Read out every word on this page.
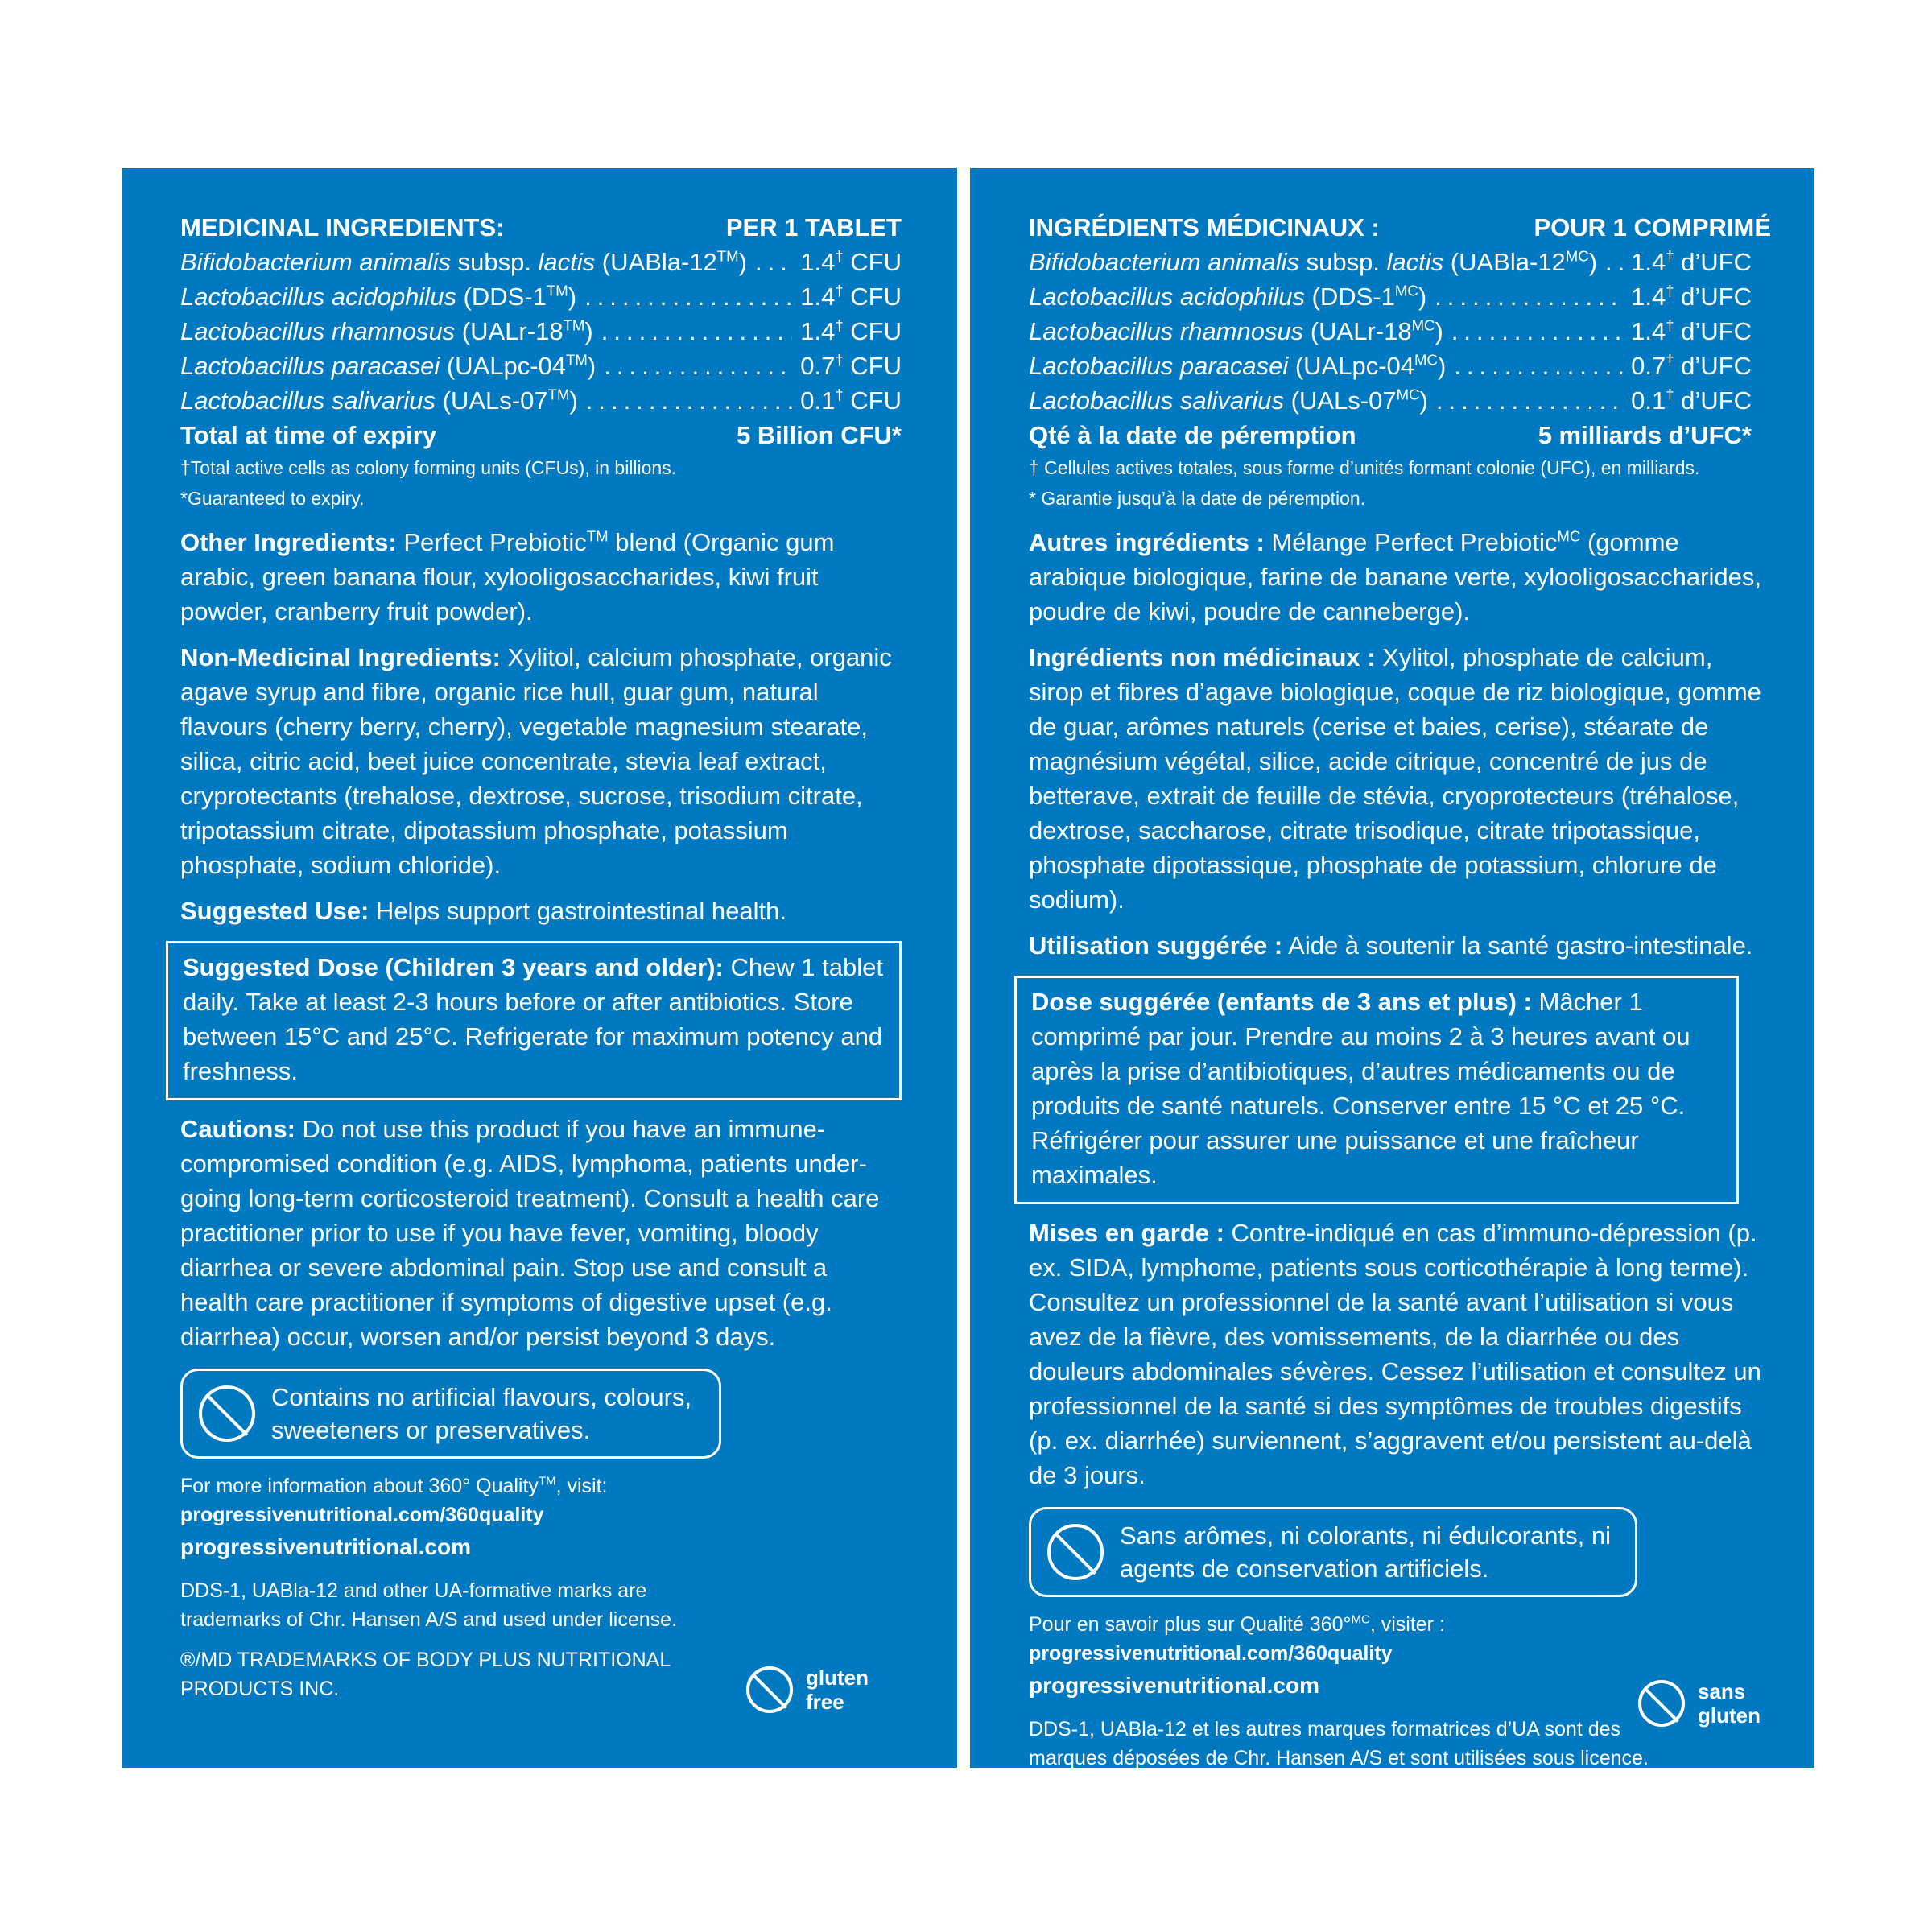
MEDICINAL INGREDIENTS:	PER 1 TABLET
Bifidobacterium animalis subsp. lactis (UABla-12™) ..... 1.4† CFU
Lactobacillus acidophilus (DDS-1™) .....	1.4† CFU
Lactobacillus rhamnosus (UALr-18™) .....	1.4† CFU
Lactobacillus paracasei (UALpc-04™) .....	0.7† CFU
Lactobacillus salivarius (UALs-07™) .....	0.1† CFU
Total at time of expiry	5 Billion CFU*
†Total active cells as colony forming units (CFUs), in billions.
*Guaranteed to expiry.
Other Ingredients: Perfect Prebiotic™ blend (Organic gum arabic, green banana flour, xylooligosaccharides, kiwi fruit powder, cranberry fruit powder).
Non-Medicinal Ingredients: Xylitol, calcium phosphate, organic agave syrup and fibre, organic rice hull, guar gum, natural flavours (cherry berry, cherry), vegetable magnesium stearate, silica, citric acid, beet juice concentrate, stevia leaf extract, cryprotectants (trehalose, dextrose, sucrose, trisodium citrate, tripotassium citrate, dipotassium phosphate, potassium phosphate, sodium chloride).
Suggested Use: Helps support gastrointestinal health.
Suggested Dose (Children 3 years and older): Chew 1 tablet daily. Take at least 2-3 hours before or after antibiotics. Store between 15°C and 25°C. Refrigerate for maximum potency and freshness.
Cautions: Do not use this product if you have an immune-compromised condition (e.g. AIDS, lymphoma, patients under-going long-term corticosteroid treatment). Consult a health care practitioner prior to use if you have fever, vomiting, bloody diarrhea or severe abdominal pain. Stop use and consult a health care practitioner if symptoms of digestive upset (e.g. diarrhea) occur, worsen and/or persist beyond 3 days.
Contains no artificial flavours, colours, sweeteners or preservatives.
For more information about 360° Quality™, visit:
progressivenutritional.com/360quality
progressivenutritional.com
DDS-1, UABla-12 and other UA-formative marks are trademarks of Chr. Hansen A/S and used under license.
®/MD TRADEMARKS OF BODY PLUS NUTRITIONAL PRODUCTS INC.	gluten
free
INGRÉDIENTS MÉDICINAUX :	POUR 1 COMPRIMÉ
Bifidobacterium animalis subsp. lactis $(UABla-12^{MC})$ ..... 1.4† d’UFC
Lactobacillus acidophilus $(DDS-1^{MC})$ .....	1.4† d’UFC
Lactobacillus rhamnosus $(UALr-18^{MC})$ .....	1.4† d’UFC
Lactobacillus paracasei $(UALpc-04^{MC})$ .....	0.7† d’UFC
Lactobacillus salivarius $(UALs-07^{MC})$ .....	0.1† d’UFC
Qté à la date de péremption	5 milliards d’UFC*
† Cellules actives totales, sous forme d’unités formant colonie (UFC), en milliards.
* Garantie jusqu’à la date de péremption.
Autres ingrédients : Mélange Perfect Prebiotic$^{MC}$ (gomme arabique biologique, farine de banane verte, xylooligosaccharides, poudre de kiwi, poudre de canneberge).
Ingrédients non médicinaux : Xylitol, phosphate de calcium, sirop et fibres d’agave biologique, coque de riz biologique, gomme de guar, arômes naturels (cerise et baies, cerise), stéarate de magnésium végétal, silice, acide citrique, concentré de jus de betterave, extrait de feuille de stévia, cryoprotecteurs (tréhalose, dextrose, saccharose, citrate trisodique, citrate tripotassique, phosphate dipotassique, phosphate de potassium, chlorure de sodium).
Utilisation suggérée : Aide à soutenir la santé gastro-intestinale.
Dose suggérée (enfants de 3 ans et plus) : Mâcher 1 comprimé par jour. Prendre au moins 2 à 3 heures avant ou après la prise d’antibiotiques, d’autres médicaments ou de produits de santé naturels. Conserver entre 15 °C et 25 °C. Réfrigérer pour assurer une puissance et une fraîcheur maximales.
Mises en garde : Contre-indiqué en cas d’immuno-dépression (p. ex. SIDA, lymphome, patients sous corticothérapie à long terme). Consultez un professionnel de la santé avant l’utilisation si vous avez de la fièvre, des vomissements, de la diarrhée ou des douleurs abdominales sévères. Cessez l’utilisation et consultez un professionnel de la santé si des symptômes de troubles digestifs (p. ex. diarrhée) surviennent, s’aggravent et/ou persistent au-delà de 3 jours.
Sans arômes, ni colorants, ni édulcorants, ni agents de conservation artificiels.
Pour en savoir plus sur Qualité 360°$^{MC}$, visiter :
progressivenutritional.com/360quality
progressivenutritional.com
DDS-1, UABla-12 et les autres marques formatrices d’UA sont des marques déposées de Chr. Hansen A/S et sont utilisées sous licence.
®/MD MARQUES DÉPOSÉES DE BODY PLUS NUTRITIONAL PRODUCTS INC.
sans
gluten
